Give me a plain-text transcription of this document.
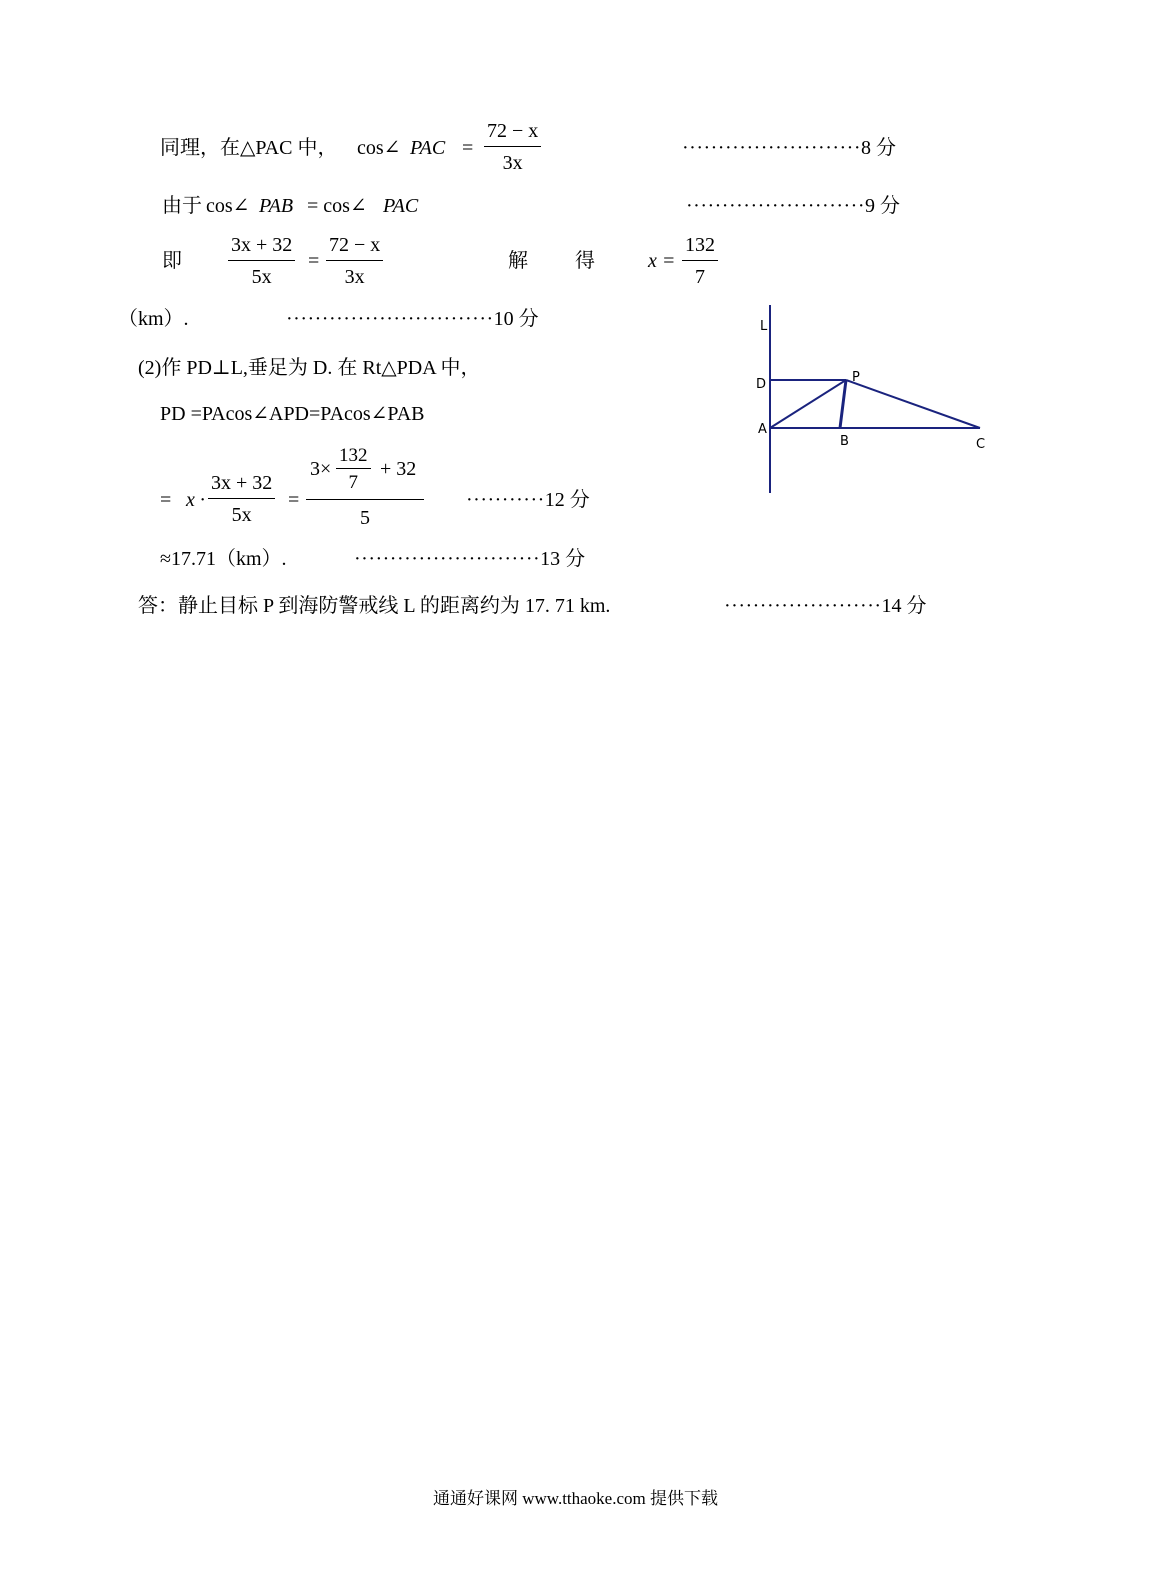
同理，在△PAC 中， cos∠ PAC =
72 − x
3x
·························8 分
由于 cos∠ PAB = cos∠ PAC	·························9 分
即
3x + 32
5x
=
72 − x
3x
解 得	x =
132
7
（km）.	·····························10 分
(2)作 PD⊥L,垂足为 D. 在 Rt△PDA 中，
PD =PAcos∠APD=PAcos∠PAB
= x ·
3x + 32
5x
=
3×
132
7
+ 32
5
···········12 分
≈17.71（km）.	··························13 分
答：静止目标 P 到海防警戒线 L 的距离约为 17. 71 km.	······················14 分
L
D	P
A
B	C
通通好课网 www.tthaoke.com 提供下载
